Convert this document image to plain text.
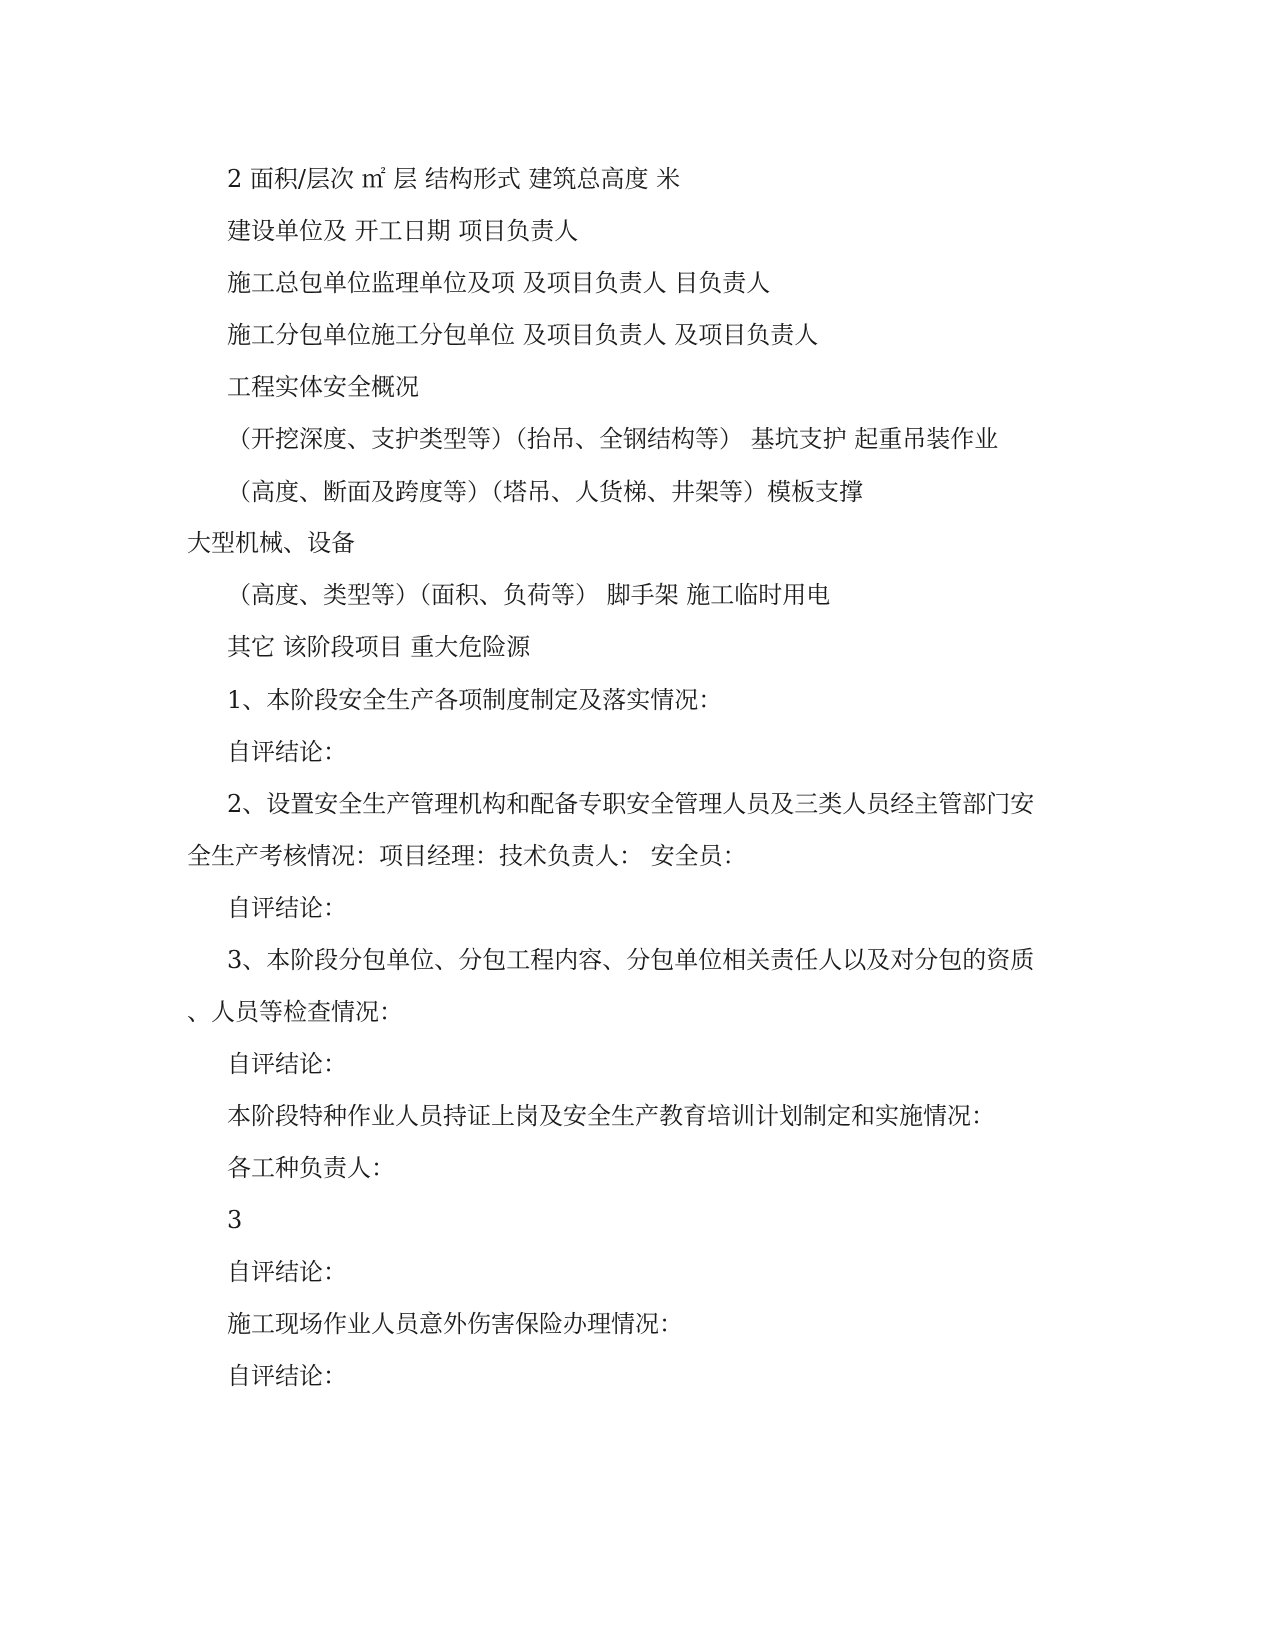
2 面积/层次 ㎡ 层 结构形式 建筑总高度 米
建设单位及 开工日期 项目负责人
施工总包单位监理单位及项 及项目负责人 目负责人
施工分包单位施工分包单位 及项目负责人 及项目负责人
工程实体安全概况
（开挖深度、支护类型等）（抬吊、全钢结构等） 基坑支护 起重吊装作业
（高度、断面及跨度等）（塔吊、人货梯、井架等）模板支撑
大型机械、设备
（高度、类型等）（面积、负荷等） 脚手架 施工临时用电
其它 该阶段项目 重大危险源
1、本阶段安全生产各项制度制定及落实情况：
自评结论：
2、设置安全生产管理机构和配备专职安全管理人员及三类人员经主管部门安
全生产考核情况：项目经理：技术负责人： 安全员：
自评结论：
3、本阶段分包单位、分包工程内容、分包单位相关责任人以及对分包的资质
、人员等检查情况：
自评结论：
本阶段特种作业人员持证上岗及安全生产教育培训计划制定和实施情况：
各工种负责人：
3
自评结论：
施工现场作业人员意外伤害保险办理情况：
自评结论：
